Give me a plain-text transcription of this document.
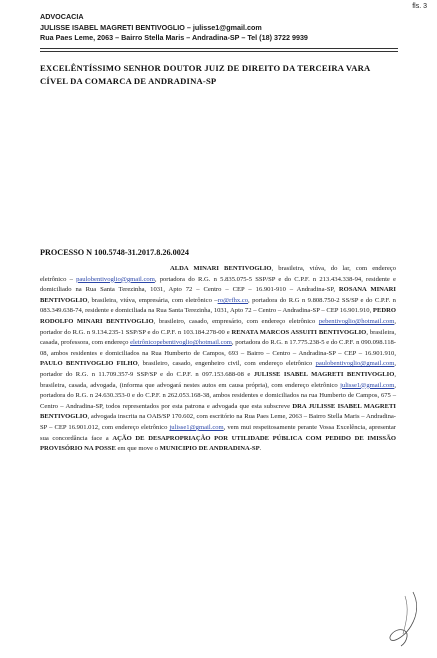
fls. 3
ADVOCACIA
JULISSE ISABEL MAGRETI BENTIVOGLIO – julisse1@gmail.com
Rua Paes Leme, 2063 – Bairro Stella Maris – Andradina-SP – Tel (18) 3722 9939
EXCELÊNTÍSSIMO SENHOR DOUTOR JUIZ DE DIREITO DA TERCEIRA VARA CÍVEL DA COMARCA DE ANDRADINA-SP
PROCESSO N 100.5748-31.2017.8.26.0024

ALDA MINARI BENTIVOGLIO, brasileira, viúva, do lar, com endereço eletrônico – paulobentivoglio@gmail.com, portadora do R.G. n 5.835.075-5 SSP/SP e do C.P.F. n 213.434.338-94, residente e domiciliado na Rua Santa Terezinha, 1031, Apto 72 – Centro – CEP – 16.901-910 – Andradina-SP, ROSANA MINARI BENTIVOGLIO, brasileira, viúva, empresária, com eletrônico –ro@rfhx.co, portadora do R.G n 9.808.750-2 SS/SP e do C.P.F. n 083.349.638-74, residente e domiciliada na Rua Santa Terezinha, 1031, Apto 72 – Centro – Andradina-SP – CEP 16.901.910, PEDRO RODOLFO MINARI BENTIVOGLIO, brasileiro, casado, empresário, com endereço eletrônico pebentivoglio@hotmail.com, portador do R.G. n 9.134.235-1 SSP/SP e do C.P.F. n 103.184.278-00 e RENATA MARCOS ASSUITI BENTIVOGLIO, brasileira, casada, professora, com endereço eletrônicopebentivoglio@hotmail.com, portadora do R.G. n 17.775.238-5 e do C.P.F. n 090.098.118-08, ambos residentes e domiciliados na Rua Humberto de Campos, 693 – Bairro – Centro – Andradina-SP – CEP – 16.901.910, PAULO BENTIVOGLIO FILHO, brasileiro, casado, engenheiro civil, com endereço eletrônico paulobentivoglio@gmail.com, portador do R.G. n 11.709.357-9 SSP/SP e do C.P.F. n 097.153.688-08 e JULISSE ISABEL MAGRETI BENTIVOGLIO, brasileira, casada, advogada, (informa que advogará nestes autos em causa própria), com endereço eletrônico julisse1@gmail.com, portadora do R.G. n 24.630.353-0 e do C.P.F. n 262.053.168-38, ambos residentes e domiciliados na rua Humberto de Campos, 675 – Centro – Andradina-SP, todos representados por esta patrona e advogada que esta subscreve DRA JULISSE ISABEL MAGRETI BENTIVOGLIO, advogada inscrita na OAB/SP 170.602, com escritório na Rua Paes Leme, 2063 – Bairro Stella Maris – Andradina-SP – CEP 16.901.012, com endereço eletrônico julisse1@gmail.com, vem mui respeitosamente perante Vossa Excelência, apresentar sua concordância face a AÇÃO DE DESAPROPRIAÇÃO POR UTILIDADE PÚBLICA COM PEDIDO DE IMISSÃO PROVISÓRIO NA POSSE em que move o MUNICIPIO DE ANDRADINA-SP.
